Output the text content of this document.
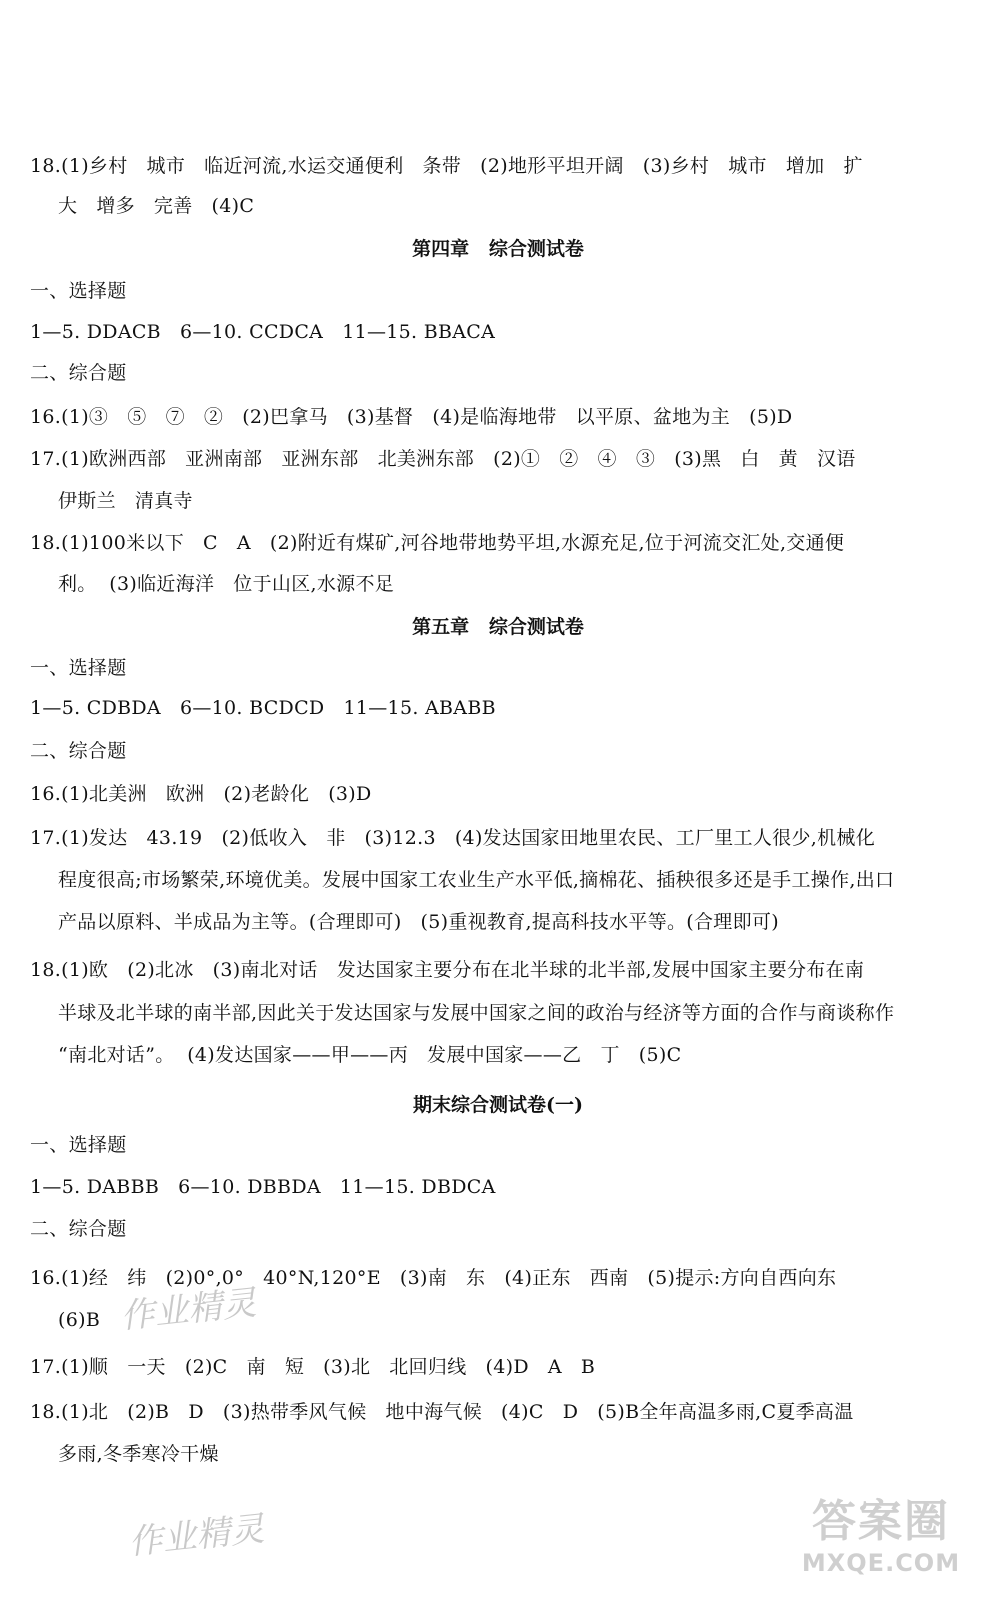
18.(1)乡村   城市   临近河流,水运交通便利   条带   (2)地形平坦开阔   (3)乡村   城市   增加   扩
大   增多   完善   (4)C
第四章   综合测试卷
一、选择题
1—5. DDACB   6—10. CCDCA   11—15. BBACA
二、综合题
16.(1)③   ⑤   ⑦   ②   (2)巴拿马   (3)基督   (4)是临海地带   以平原、盆地为主   (5)D
17.(1)欧洲西部   亚洲南部   亚洲东部   北美洲东部   (2)①   ②   ④   ③   (3)黑   白   黄   汉语
伊斯兰   清真寺
18.(1)100米以下   C   A   (2)附近有煤矿,河谷地带地势平坦,水源充足,位于河流交汇处,交通便
利。  (3)临近海洋   位于山区,水源不足
第五章   综合测试卷
一、选择题
1—5. CDBDA   6—10. BCDCD   11—15. ABABB
二、综合题
16.(1)北美洲   欧洲   (2)老龄化   (3)D
17.(1)发达   43.19   (2)低收入   非   (3)12.3   (4)发达国家田地里农民、工厂里工人很少,机械化
程度很高;市场繁荣,环境优美。发展中国家工农业生产水平低,摘棉花、插秧很多还是手工操作,出口
产品以原料、半成品为主等。(合理即可)   (5)重视教育,提高科技水平等。(合理即可)
18.(1)欧   (2)北冰   (3)南北对话   发达国家主要分布在北半球的北半部,发展中国家主要分布在南
半球及北半球的南半部,因此关于发达国家与发展中国家之间的政治与经济等方面的合作与商谈称作
“南北对话”。  (4)发达国家——甲——丙   发展中国家——乙   丁   (5)C
期末综合测试卷(一)
一、选择题
1—5. DABBB   6—10. DBBDA   11—15. DBDCA
二、综合题
16.(1)经   纬   (2)0°,0°   40°N,120°E   (3)南   东   (4)正东   西南   (5)提示:方向自西向东
(6)B
17.(1)顺   一天   (2)C   南   短   (3)北   北回归线   (4)D   A   B
18.(1)北   (2)B   D   (3)热带季风气候   地中海气候   (4)C   D   (5)B全年高温多雨,C夏季高温
多雨,冬季寒冷干燥
作业精灵
作业精灵	答案圈
MXQE.COM
